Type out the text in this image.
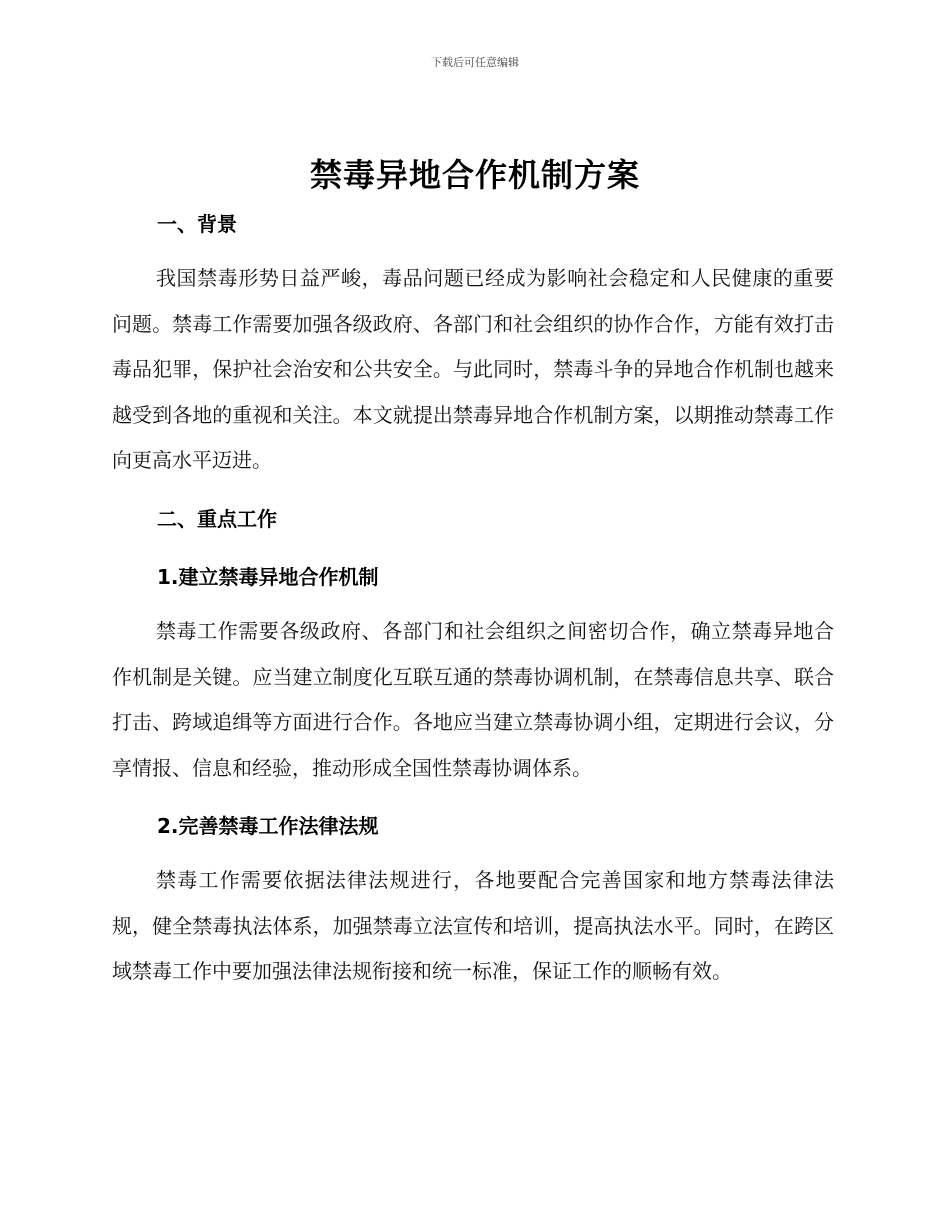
下载后可任意编辑
禁毒异地合作机制方案
一、背景

我国禁毒形势日益严峻，毒品问题已经成为影响社会稳定和人民健康的重要问题。禁毒工作需要加强各级政府、各部门和社会组织的协作合作，方能有效打击毒品犯罪，保护社会治安和公共安全。与此同时，禁毒斗争的异地合作机制也越来越受到各地的重视和关注。本文就提出禁毒异地合作机制方案，以期推动禁毒工作向更高水平迈进。

二、重点工作
1.建立禁毒异地合作机制

禁毒工作需要各级政府、各部门和社会组织之间密切合作，确立禁毒异地合作机制是关键。应当建立制度化互联互通的禁毒协调机制，在禁毒信息共享、联合打击、跨域追缉等方面进行合作。各地应当建立禁毒协调小组，定期进行会议，分享情报、信息和经验，推动形成全国性禁毒协调体系。

2.完善禁毒工作法律法规

禁毒工作需要依据法律法规进行，各地要配合完善国家和地方禁毒法律法规，健全禁毒执法体系，加强禁毒立法宣传和培训，提高执法水平。同时，在跨区域禁毒工作中要加强法律法规衔接和统一标准，保证工作的顺畅有效。
